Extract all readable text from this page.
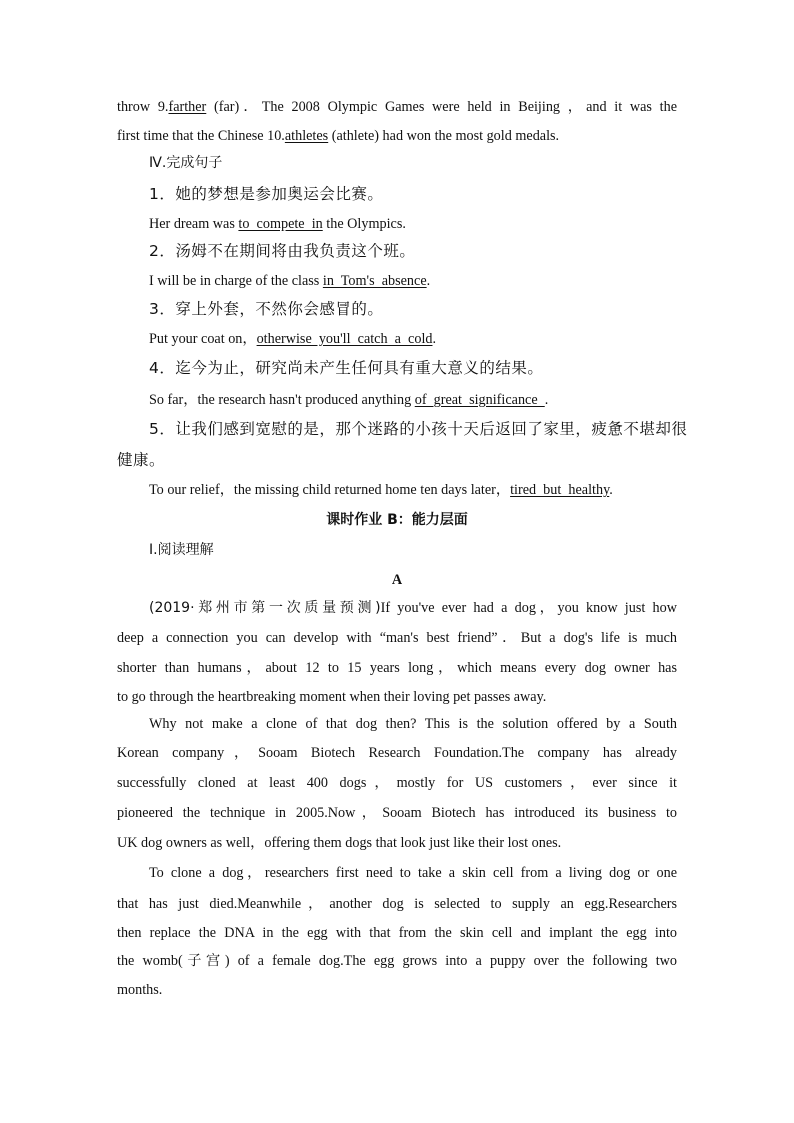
throw 9.farther (far)．The 2008 Olympic Games were held in Beijing ，and it was the
first time that the Chinese 10.athletes (athlete) had won the most gold medals.
Ⅳ.完成句子
1．她的梦想是参加奥运会比赛。
Her dream was to  compete  in the Olympics.
2．汤姆不在期间将由我负责这个班。
I will be in charge of the class in  Tom's  absence.
3．穿上外套，不然你会感冒的。
Put your coat on，otherwise  you'll  catch  a  cold.
4．迄今为止，研究尚未产生任何具有重大意义的结果。
So far，the research hasn't produced anything of  great  significance  .
5．让我们感到宽慰的是，那个迷路的小孩十天后返回了家里，疲惫不堪却很
健康。
To our relief，the missing child returned home ten days later，tired  but  healthy.
课时作业 B：能力层面
Ⅰ.阅读理解
A
(2019·郑州市第一次质量预测)If you've ever had a dog，you know just how
deep a connection you can develop with “man's best friend”．But a dog's life is much
shorter than humans，about 12 to 15 years long，which means every dog owner has
to go through the heartbreaking moment when their loving pet passes away.
Why not make a clone of that dog then? This is the solution offered by a South
Korean company，Sooam Biotech Research Foundation.The company has already
successfully cloned at least 400 dogs，mostly for US customers，ever since it
pioneered the technique in 2005.Now，Sooam Biotech has introduced its business to
UK dog owners as well，offering them dogs that look just like their lost ones.
To clone a dog，researchers first need to take a skin cell from a living dog or one
that has just died.Meanwhile，another dog is selected to supply an egg.Researchers
then replace the DNA in the egg with that from the skin cell and implant the egg into
the womb(子宫) of a female dog.The egg grows into a puppy over the following two
months.
